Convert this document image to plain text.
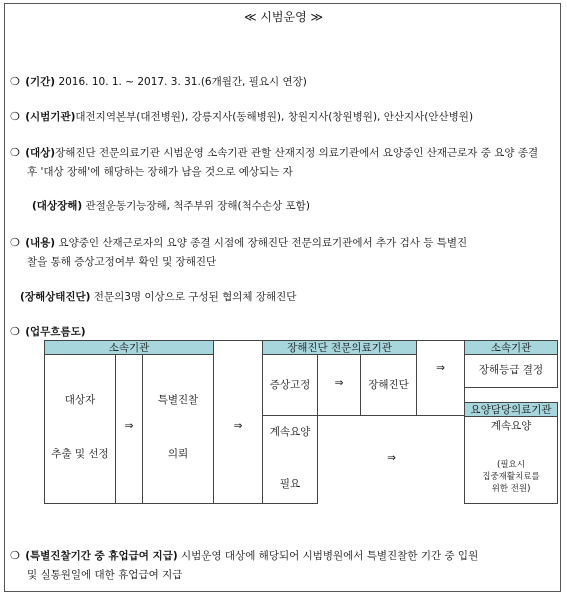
≪ 시범운영 ≫
❍ (기간) 2016. 10. 1. ~ 2017. 3. 31.(6개월간, 필요시 연장)
❍ (시범기관)대전지역본부(대전병원), 강릉지사(동해병원), 창원지사(창원병원), 안산지사(안산병원)
❍ (대상)장해진단 전문의료기관 시범운영 소속기관 관할 산재지정 의료기관에서 요양중인 산재근로자 중 요양 종결
후 '대상 장해'에 해당하는 장해가 남을 것으로 예상되는 자
(대상장해) 관절운동기능장해, 척주부위 장해(척수손상 포함)
❍ (내용) 요양중인 산재근로자의 요양 종결 시점에 장해진단 전문의료기관에서 추가 검사 등 특별진
찰을 통해 증상고정여부 확인 및 장해진단
(장해상태진단) 전문의3명 이상으로 구성된 협의체 장해진단
❍ (업무흐름도)
소속기관
대상자
추출 및 선정
⇒
특별진찰
의뢰
⇒
장해진단 전문의료기관
증상고정	⇒	장해진단
계속요양
필요
⇒
⇒
소속기관
장해등급 결정
요양담당의료기관
계속요양
(필요시
집중재활치료를
위한 전원)
❍ (특별진찰기간 중 휴업급여 지급) 시범운영 대상에 해당되어 시범병원에서 특별진찰한 기간 중 입원
및 실통원일에 대한 휴업급여 지급
